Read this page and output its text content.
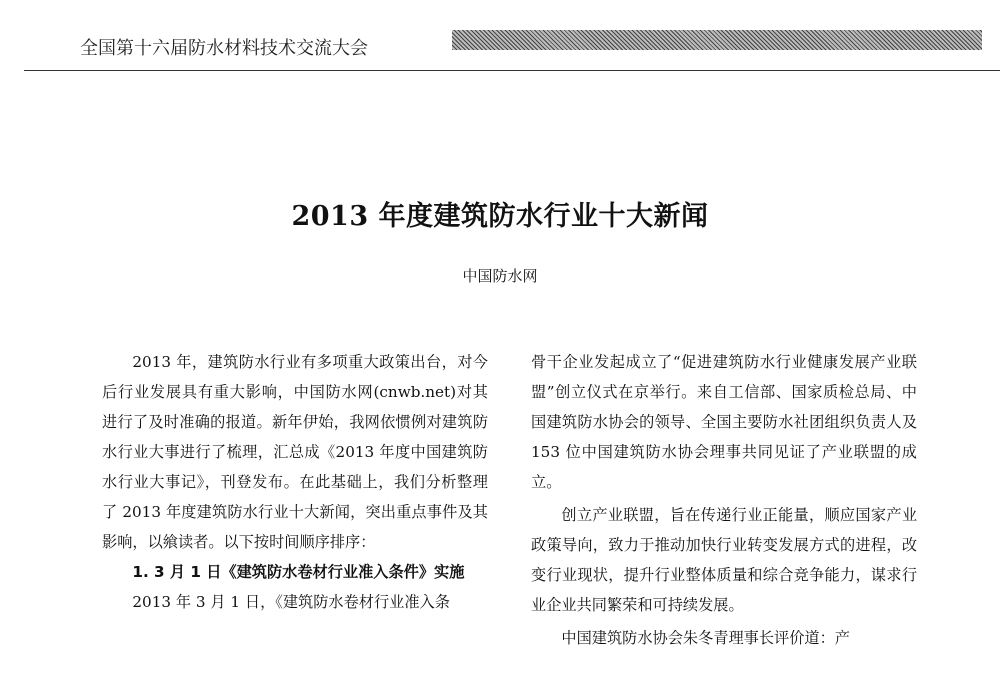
全国第十六届防水材料技术交流大会
2013 年度建筑防水行业十大新闻
中国防水网

2013 年，建筑防水行业有多项重大政策出台，对今后行业发展具有重大影响，中国防水网(cnwb.net)对其进行了及时准确的报道。新年伊始，我网依惯例对建筑防水行业大事进行了梳理，汇总成《2013 年度中国建筑防水行业大事记》，刊登发布。在此基础上，我们分析整理了 2013 年度建筑防水行业十大新闻，突出重点事件及其影响，以飨读者。以下按时间顺序排序：

1. 3 月 1 日《建筑防水卷材行业准入条件》实施

2013 年 3 月 1 日，《建筑防水卷材行业准入条

骨干企业发起成立了“促进建筑防水行业健康发展产业联盟”创立仪式在京举行。来自工信部、国家质检总局、中国建筑防水协会的领导、全国主要防水社团组织负责人及 153 位中国建筑防水协会理事共同见证了产业联盟的成立。

创立产业联盟，旨在传递行业正能量，顺应国家产业政策导向，致力于推动加快行业转变发展方式的进程，改变行业现状，提升行业整体质量和综合竞争能力，谋求行业企业共同繁荣和可持续发展。

中国建筑防水协会朱冬青理事长评价道：产
